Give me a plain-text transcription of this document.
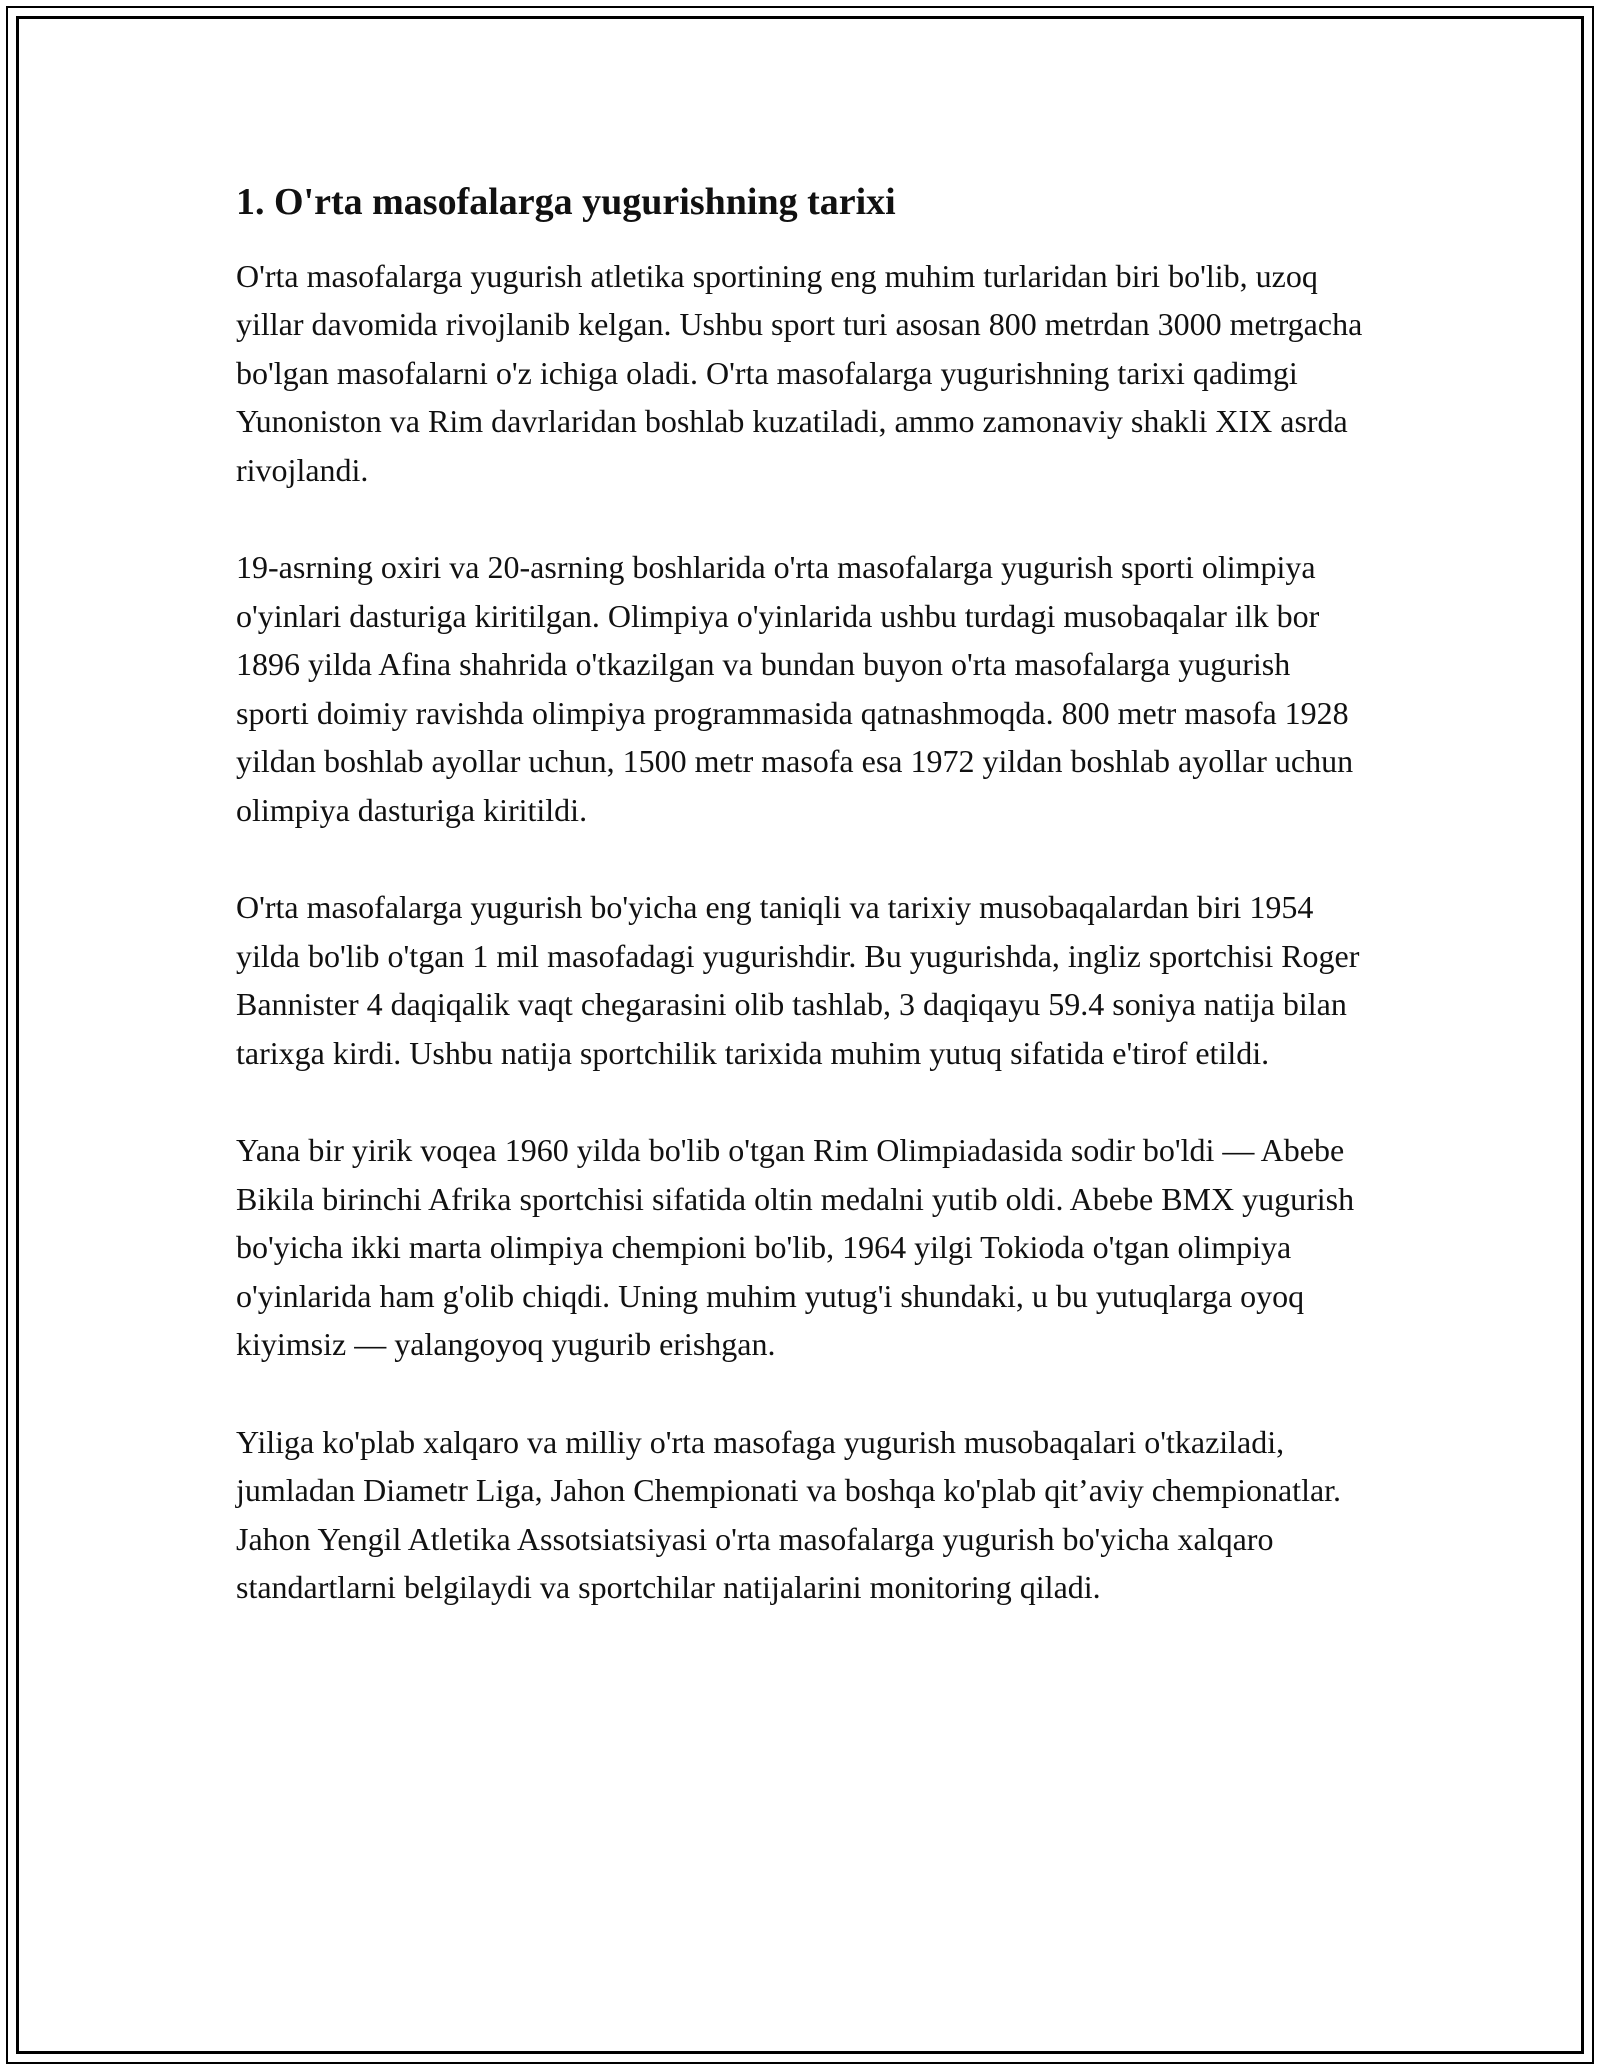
1. O'rta masofalarga yugurishning tarixi

O'rta masofalarga yugurish atletika sportining eng muhim turlaridan biri bo'lib, uzoq yillar davomida rivojlanib kelgan. Ushbu sport turi asosan 800 metrdan 3000 metrgacha bo'lgan masofalarni o'z ichiga oladi. O'rta masofalarga yugurishning tarixi qadimgi Yunoniston va Rim davrlaridan boshlab kuzatiladi, ammo zamonaviy shakli XIX asrda rivojlandi.

19-asrning oxiri va 20-asrning boshlarida o'rta masofalarga yugurish sporti olimpiya o'yinlari dasturiga kiritilgan. Olimpiya o'yinlarida ushbu turdagi musobaqalar ilk bor 1896 yilda Afina shahrida o'tkazilgan va bundan buyon o'rta masofalarga yugurish sporti doimiy ravishda olimpiya programmasida qatnashmoqda. 800 metr masofa 1928 yildan boshlab ayollar uchun, 1500 metr masofa esa 1972 yildan boshlab ayollar uchun olimpiya dasturiga kiritildi.

O'rta masofalarga yugurish bo'yicha eng taniqli va tarixiy musobaqalardan biri 1954 yilda bo'lib o'tgan 1 mil masofadagi yugurishdir. Bu yugurishda, ingliz sportchisi Roger Bannister 4 daqiqalik vaqt chegarasini olib tashlab, 3 daqiqayu 59.4 soniya natija bilan tarixga kirdi. Ushbu natija sportchilik tarixida muhim yutuq sifatida e'tirof etildi.

Yana bir yirik voqea 1960 yilda bo'lib o'tgan Rim Olimpiadasida sodir bo'ldi — Abebe Bikila birinchi Afrika sportchisi sifatida oltin medalni yutib oldi. Abebe BMX yugurish bo'yicha ikki marta olimpiya chempioni bo'lib, 1964 yilgi Tokioda o'tgan olimpiya o'yinlarida ham g'olib chiqdi. Uning muhim yutug'i shundaki, u bu yutuqlarga oyoq kiyimsiz — yalangoyoq yugurib erishgan.

Yiliga ko'plab xalqaro va milliy o'rta masofaga yugurish musobaqalari o'tkaziladi, jumladan Diametr Liga, Jahon Chempionati va boshqa ko'plab qit’aviy chempionatlar. Jahon Yengil Atletika Assotsiatsiyasi o'rta masofalarga yugurish bo'yicha xalqaro standartlarni belgilaydi va sportchilar natijalarini monitoring qiladi.
